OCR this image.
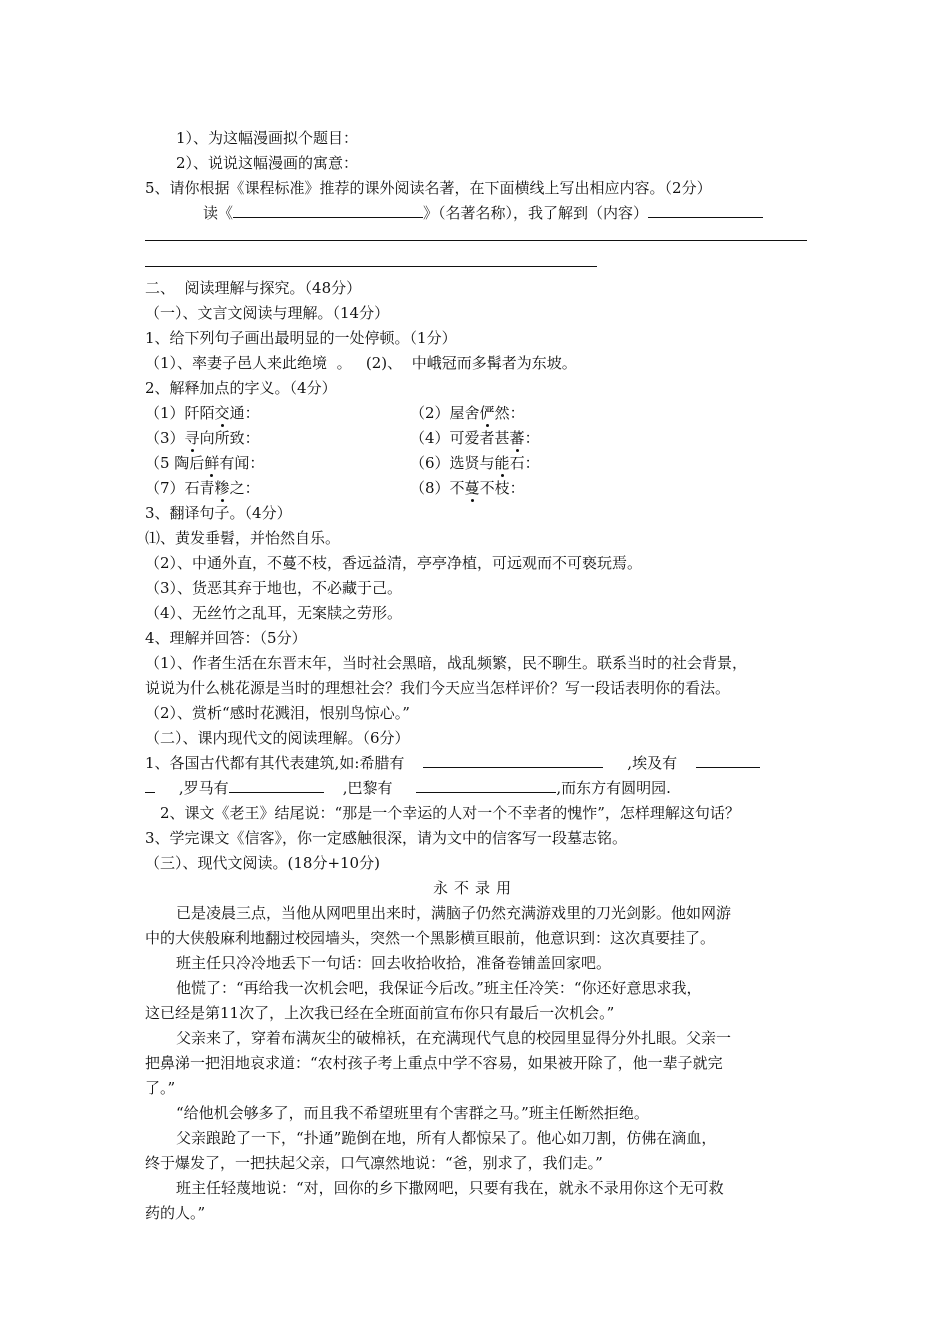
1）、为这幅漫画拟个题目：
2）、说说这幅漫画的寓意：
5、请你根据《课程标准》推荐的课外阅读名著，在下面横线上写出相应内容。（2分）
读《	》（名著名称），我了解到（内容）
二、  阅读理解与探究。（48分）
（一）、文言文阅读与理解。（14分）
1、给下列句子画出最明显的一处停顿。（1分）
（1）、率妻子邑人来此绝境  。 (2)、  中峨冠而多髯者为东坡。
2、解释加点的字义。（4分）
（1）阡陌交通：	（2）屋舍俨然：
（3）寻向所致：	（4）可爱者甚蕃：
（5 陶后鲜有闻：	（6）选贤与能石：
（7）石青糁之：	（8）不蔓不枝：
3、翻译句子。（4分）
⑴、黄发垂髫，并怡然自乐。
（2）、中通外直，不蔓不枝，香远益清，亭亭净植，可远观而不可亵玩焉。
（3）、货恶其弃于地也，不必藏于己。
（4）、无丝竹之乱耳，无案牍之劳形。
4、理解并回答：（5分）
（1）、作者生活在东晋末年，当时社会黑暗，战乱频繁，民不聊生。联系当时的社会背景，
说说为什么桃花源是当时的理想社会？我们今天应当怎样评价？写一段话表明你的看法。
（2）、赏析“感时花溅泪，恨别鸟惊心。”
（二）、课内现代文的阅读理解。（6分）
1、各国古代都有其代表建筑,如:希腊有	,埃及有
,罗马有	,巴黎有	,而东方有圆明园.
2、课文《老王》结尾说：“那是一个幸运的人对一个不幸者的愧怍”，怎样理解这句话？
3、学完课文《信客》，你一定感触很深，请为文中的信客写一段墓志铭。
（三）、现代文阅读。(18分+10分)
永不录用
已是凌晨三点，当他从网吧里出来时，满脑子仍然充满游戏里的刀光剑影。他如网游
中的大侠般麻利地翻过校园墙头，突然一个黑影横亘眼前，他意识到：这次真要挂了。
班主任只冷冷地丢下一句话：回去收拾收拾，准备卷铺盖回家吧。
他慌了：“再给我一次机会吧，我保证今后改。”班主任冷笑：“你还好意思求我，
这已经是第11次了，上次我已经在全班面前宣布你只有最后一次机会。”
父亲来了，穿着布满灰尘的破棉袄，在充满现代气息的校园里显得分外扎眼。父亲一
把鼻涕一把泪地哀求道：“农村孩子考上重点中学不容易，如果被开除了，他一辈子就完
了。”
“给他机会够多了，而且我不希望班里有个害群之马。”班主任断然拒绝。
父亲踉跄了一下，“扑通”跪倒在地，所有人都惊呆了。他心如刀割，仿佛在滴血，
终于爆发了，一把扶起父亲，口气凛然地说：“爸，别求了，我们走。”
班主任轻蔑地说：“对，回你的乡下撒网吧，只要有我在，就永不录用你这个无可救
药的人。”
